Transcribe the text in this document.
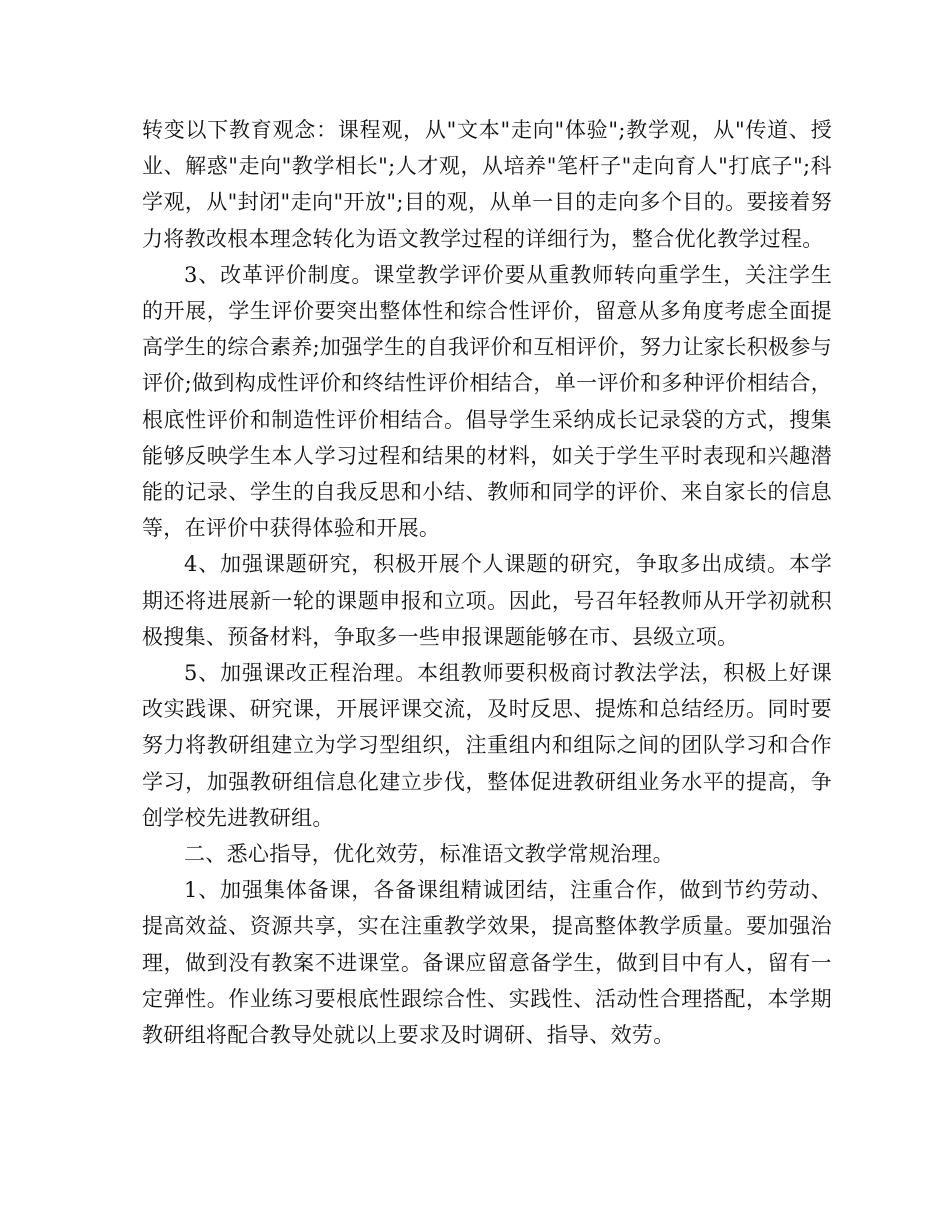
转变以下教育观念：课程观，从"文本"走向"体验";教学观，从"传道、授业、解惑"走向"教学相长";人才观，从培养"笔杆子"走向育人"打底子";科学观，从"封闭"走向"开放";目的观，从单一目的走向多个目的。要接着努力将教改根本理念转化为语文教学过程的详细行为，整合优化教学过程。

3、改革评价制度。课堂教学评价要从重教师转向重学生，关注学生的开展，学生评价要突出整体性和综合性评价，留意从多角度考虑全面提高学生的综合素养;加强学生的自我评价和互相评价，努力让家长积极参与评价;做到构成性评价和终结性评价相结合，单一评价和多种评价相结合，根底性评价和制造性评价相结合。倡导学生采纳成长记录袋的方式，搜集能够反映学生本人学习过程和结果的材料，如关于学生平时表现和兴趣潜能的记录、学生的自我反思和小结、教师和同学的评价、来自家长的信息等，在评价中获得体验和开展。

4、加强课题研究，积极开展个人课题的研究，争取多出成绩。本学期还将进展新一轮的课题申报和立项。因此，号召年轻教师从开学初就积极搜集、预备材料，争取多一些申报课题能够在市、县级立项。

5、加强课改正程治理。本组教师要积极商讨教法学法，积极上好课改实践课、研究课，开展评课交流，及时反思、提炼和总结经历。同时要努力将教研组建立为学习型组织，注重组内和组际之间的团队学习和合作学习，加强教研组信息化建立步伐，整体促进教研组业务水平的提高，争创学校先进教研组。

二、悉心指导，优化效劳，标准语文教学常规治理。

1、加强集体备课，各备课组精诚团结，注重合作，做到节约劳动、提高效益、资源共享，实在注重教学效果，提高整体教学质量。要加强治理，做到没有教案不进课堂。备课应留意备学生，做到目中有人，留有一定弹性。作业练习要根底性跟综合性、实践性、活动性合理搭配，本学期教研组将配合教导处就以上要求及时调研、指导、效劳。
